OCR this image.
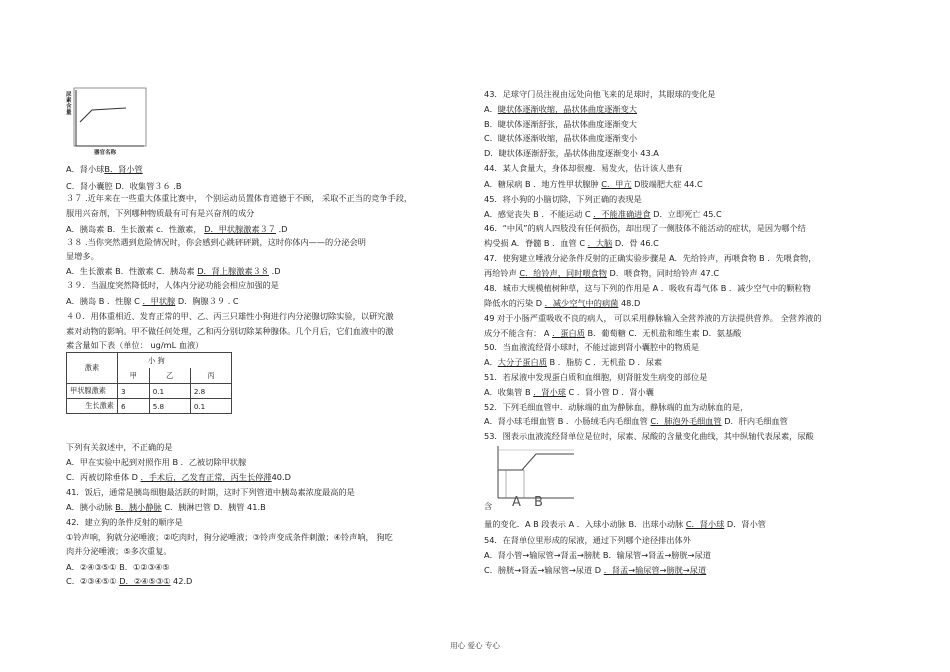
尿素含量
器官名称
A．肾小球B．肾小管
C．肾小囊腔 D．收集管３６ .B
３７ .近年来在一些重大体重比赛中， 个别运动员置体育道德于不顾， 采取不正当的竞争手段，
服用兴奋剂，下列哪种物质最有可有是兴奋剂的成分
A．胰岛素 B．生长激素 c．性激素， D．甲状腺激素３７ .D
３８ .当你突然遇到危险情况时，你会感到心跳砰砰跳，这时你体内——的分泌会明
显增多。
A．生长激素 B．性激素 C．胰岛素 D．肾上腺激素３８ .D
３９．当温度突然降低时，人体内分泌功能会相应加强的是
A．胰岛 B ．性腺 C ．甲状腺 D．胸腺３９ . C
４０．用体重相近、发育正常的甲、乙、丙三只雄性小狗进行内分泌腺切除实验，以研究激
素对动物的影响。甲不做任何处理，乙和丙分别切除某种腺体。几个月后，它们血液中的激
素含量如下表（单位： ug/mL 血液）
下列有关叙述中，不正确的是
A．甲在实验中起到对照作用 B ．乙被切除甲状腺
C．丙被切除垂体 D ．手术后，乙发育正常，丙生长停滞40.D
41．饭后，通常是胰岛细胞最活跃的时期，这时下列管道中胰岛素浓度最高的是
A．胰小动脉 B．胰小静脉 C．胰淋巴管 D．胰管 41.B
42．建立狗的条件反射的顺序是
①铃声响，狗就分泌唾液；②吃肉时，狗分泌唾液；③铃声变成条件刺激；④铃声响， 狗吃
肉并分泌唾液；⑤多次重复。
A．②④③⑤① B．①②③④⑤
C．②③④⑤① D．②④⑤③① 42.D
激素	小 狗		
	甲	乙	丙
甲状腺激素	3	0.1	2.8
生长激素	6	5.8	0.1
43．足球守门员注视由远处向他飞来的足球时，其眼球的变化是
A．睫状体逐渐收缩，晶状体曲度逐渐变大
B．睫状体逐渐舒张，晶状体曲度逐渐变大
C．睫状体逐渐收缩，晶状体曲度逐渐变小
D．睫状体逐渐舒张，晶状体曲度逐渐变小 43.A
44．某人食量大，身体却很瘦．易发火，估计该人患有
A．糖尿病 B ．地方性甲状腺肿 C．甲亢 D肢端肥大症 44.C
45．将小狗的小脑切除，下列正确的表现是
A．感觉丧失 B ．不能运动 C ．不能准确进食 D．立即死亡 45.C
46．“中风”的病人四肢没有任何损伤，却出现了一侧肢体不能活动的症状，是因为哪个结
构受损 A．脊髓 B ．血管 C ．大脑 D．骨 46.C
47．使狗建立唾液分泌条件反射的正确实验步骤是 A．先给铃声，再喂食物 B ．先喂食物，
再给铃声 C．给铃声，同时喂食物 D．喂食物，同时给铃声 47.C
48．城市大规模植树种草，这与下列的作用是 A ．吸收有毒气体 B ．减少空气中的颗粒物
降低水的污染 D ．减少空气中的病菌 48.D
49 对于小肠严重吸收不良的病人， 可以采用静脉输入全营养液的方法提供营养。 全营养液的
成分不能含有： A ．蛋白质 B．葡萄糖 C．无机盐和维生素 D．氨基酸
50．当血液流经肾小球时，不能过滤到肾小囊腔中的物质是
A．大分子蛋白质 B ．脂肪 C ．无机盐 D ．尿素
51．若尿液中发现蛋白质和血细胞，则肾脏发生病变的部位是
A．收集管 B ．肾小球 C ．肾小管 D ．肾小囊
52．下列毛细血管中．动脉端的血为静脉血，静脉端的血为动脉血的是，
A．肾小球毛细血管 B ．小肠绒毛内毛细血管 C．肺泡外毛细血管 D．肝内毛细血管
53．图表示血液流经肾单位是位时，尿素、尿酸的含量变化曲线，其中纵轴代表尿素，尿酸
含
量的变化．A B 段表示 A ．入球小动脉 B．出球小动脉 C．肾小球 D．肾小管
54．在肾单位里形成的尿液，通过下列哪个途径排出体外
A．肾小管→输尿管→肾盂→膀胱 B．输尿管→肾盂→膀胱→尿道
C．膀胱→肾盂→输尿管→尿道 D ．肾盂→输尿管→膀胱→尿道
A B
用心 爱心 专心
